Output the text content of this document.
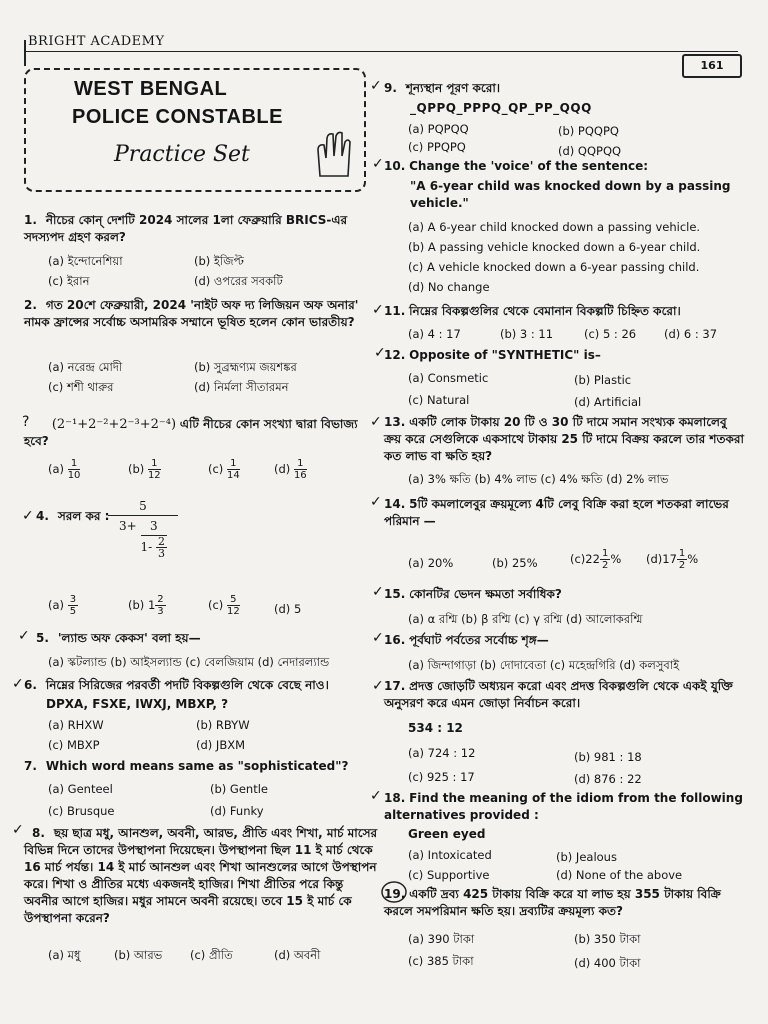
BRIGHT ACADEMY
161
WEST BENGAL
POLICE CONSTABLE
Practice Set
1. নীচের কোন্ দেশটি 2024 সালের 1লা ফেব্রুয়ারি BRICS-এর সদস্যপদ গ্রহণ করল?
(a) ইন্দোনেশিয়া	(b) ইজিপ্ট
(c) ইরান	(d) ওপরের সবকটি
2. গত 20শে ফেব্রুয়ারী, 2024 'নাইট অফ দ্য লিজিয়ন অফ অনার' নামক ফ্রান্সের সর্বোচ্চ অসামরিক সম্মানে ভূষিত হলেন কোন ভারতীয়?
(a) নরেন্দ্র মোদী	(b) সুব্রহ্মণ্যম জয়শঙ্কর
(c) শশী থারুর	(d) নির্মলা সীতারমন
?	(2⁻¹+2⁻²+2⁻³+2⁻⁴) এটি নীচের কোন সংখ্যা দ্বারা বিভাজ্য হবে?
$(a) \frac{1}{10}$	$(b) \frac{1}{12}$	$(c) \frac{1}{14}$	$(d) \frac{1}{16}$
✓ 4. সরল কর :
5
$3+ \frac{3}{1- \frac{2}{3}}$
$(a) \frac{3}{5}$	(b) $1 \frac{2}{3}$	$(c) \frac{5}{12}$	(d) 5
✓ 5. 'ল্যান্ড অফ কেকস' বলা হয়—
(a) স্কটল্যান্ড (b) আইসল্যান্ড (c) বেলজিয়াম (d) নেদারল্যান্ড
✓ 6. নিম্নের সিরিজের পরবর্তী পদটি বিকল্পগুলি থেকে বেছে নাও।
DPXA, FSXE, IWXJ, MBXP, ?
(a) RHXW	(b) RBYW
(c) MBXP	(d) JBXM
7. Which word means same as "sophisticated"?
(a) Genteel	(b) Gentle
(c) Brusque	(d) Funky
✓ 8. ছয় ছাত্র মধু, আনশুল, অবনী, আরভ, প্রীতি এবং শিখা, মার্চ মাসের বিভিন্ন দিনে তাদের উপস্থাপনা দিয়েছেন। উপস্থাপনা ছিল 11 ই মার্চ থেকে 16 মার্চ পর্যন্ত। 14 ই মার্চ আনশুল এবং শিখা আনশুলের আগে উপস্থাপন করে। শিখা ও প্রীতির মধ্যে একজনই হাজির। শিখা প্রীতির পরে কিন্তু অবনীর আগে হাজির। মধুর সামনে অবনী রয়েছে। তবে 15 ই মার্চ কে উপস্থাপনা করেন?
(a) মধু	(b) আরভ (c) প্রীতি	(d) অবনী
✓ 9. শূন্যস্থান পূরণ করো।
_QPPQ_PPPQ_QP_PP_QQQ
(a) PQPQQ	(b) PQQPQ
(c) PPQPQ	(d) QQPQQ
✓ 10. Change the 'voice' of the sentence:
"A 6-year child was knocked down by a passing vehicle."
(a) A 6-year child knocked down a passing vehicle.
(b) A passing vehicle knocked down a 6-year child.
(c) A vehicle knocked down a 6-year passing child.
(d) No change
✓ 11. নিম্নের বিকল্পগুলির থেকে বেমানান বিকল্পটি চিহ্নিত করো।
(a) 4 : 17	(b) 3 : 11	(c) 5 : 26 (d) 6 : 37
✓
12. Opposite of "SYNTHETIC" is–
(a) Consmetic	(b) Plastic
(c) Natural	(d) Artificial
✓ 13. একটি লোক টাকায় 20 টি ও 30 টি দামে সমান সংখ্যক কমলালেবু ক্রয় করে সেগুলিকে একসাথে টাকায় 25 টি দামে বিক্রয় করলে তার শতকরা কত লাভ বা ক্ষতি হয়?
(a) 3% ক্ষতি (b) 4% লাভ (c) 4% ক্ষতি (d) 2% লাভ
✓ 14. 5টি কমলালেবুর ক্রয়মূল্যে 4টি লেবু বিক্রি করা হলে শতকরা লাভের পরিমান —
(a) 20%	(b) 25%	$(c)22 \frac{1}{2}$ % $(d)17 \frac{1}{2}$ %
✓ 15. কোনটির ভেদন ক্ষমতা সর্বাধিক?
(a) α রশ্মি (b) β রশ্মি (c) γ রশ্মি (d) আলোকরশ্মি
✓ 16. পূর্বঘাট পর্বতের সর্বোচ্চ শৃঙ্গ—
(a) জিন্দাগাড়া (b) দোদাবেতা (c) মহেন্দ্রগিরি (d) কলসুবাই
✓ 17. প্রদত্ত জোড়টি অধ্যয়ন করো এবং প্রদত্ত বিকল্পগুলি থেকে একই যুক্তি অনুসরণ করে এমন জোড়া নির্বাচন করো।
534 : 12
(a) 724 : 12	(b) 981 : 18
(c) 925 : 17	(d) 876 : 22
✓ 18. Find the meaning of the idiom from the following alternatives provided :
Green eyed
(a) Intoxicated	(b) Jealous
(c) Supportive	(d) None of the above
19. একটি দ্রব্য 425 টাকায় বিক্রি করে যা লাভ হয় 355 টাকায় বিক্রি করলে সমপরিমান ক্ষতি হয়। দ্রব্যটির ক্রয়মূল্য কত?
(a) 390 টাকা	(b) 350 টাকা
(c) 385 টাকা	(d) 400 টাকা
